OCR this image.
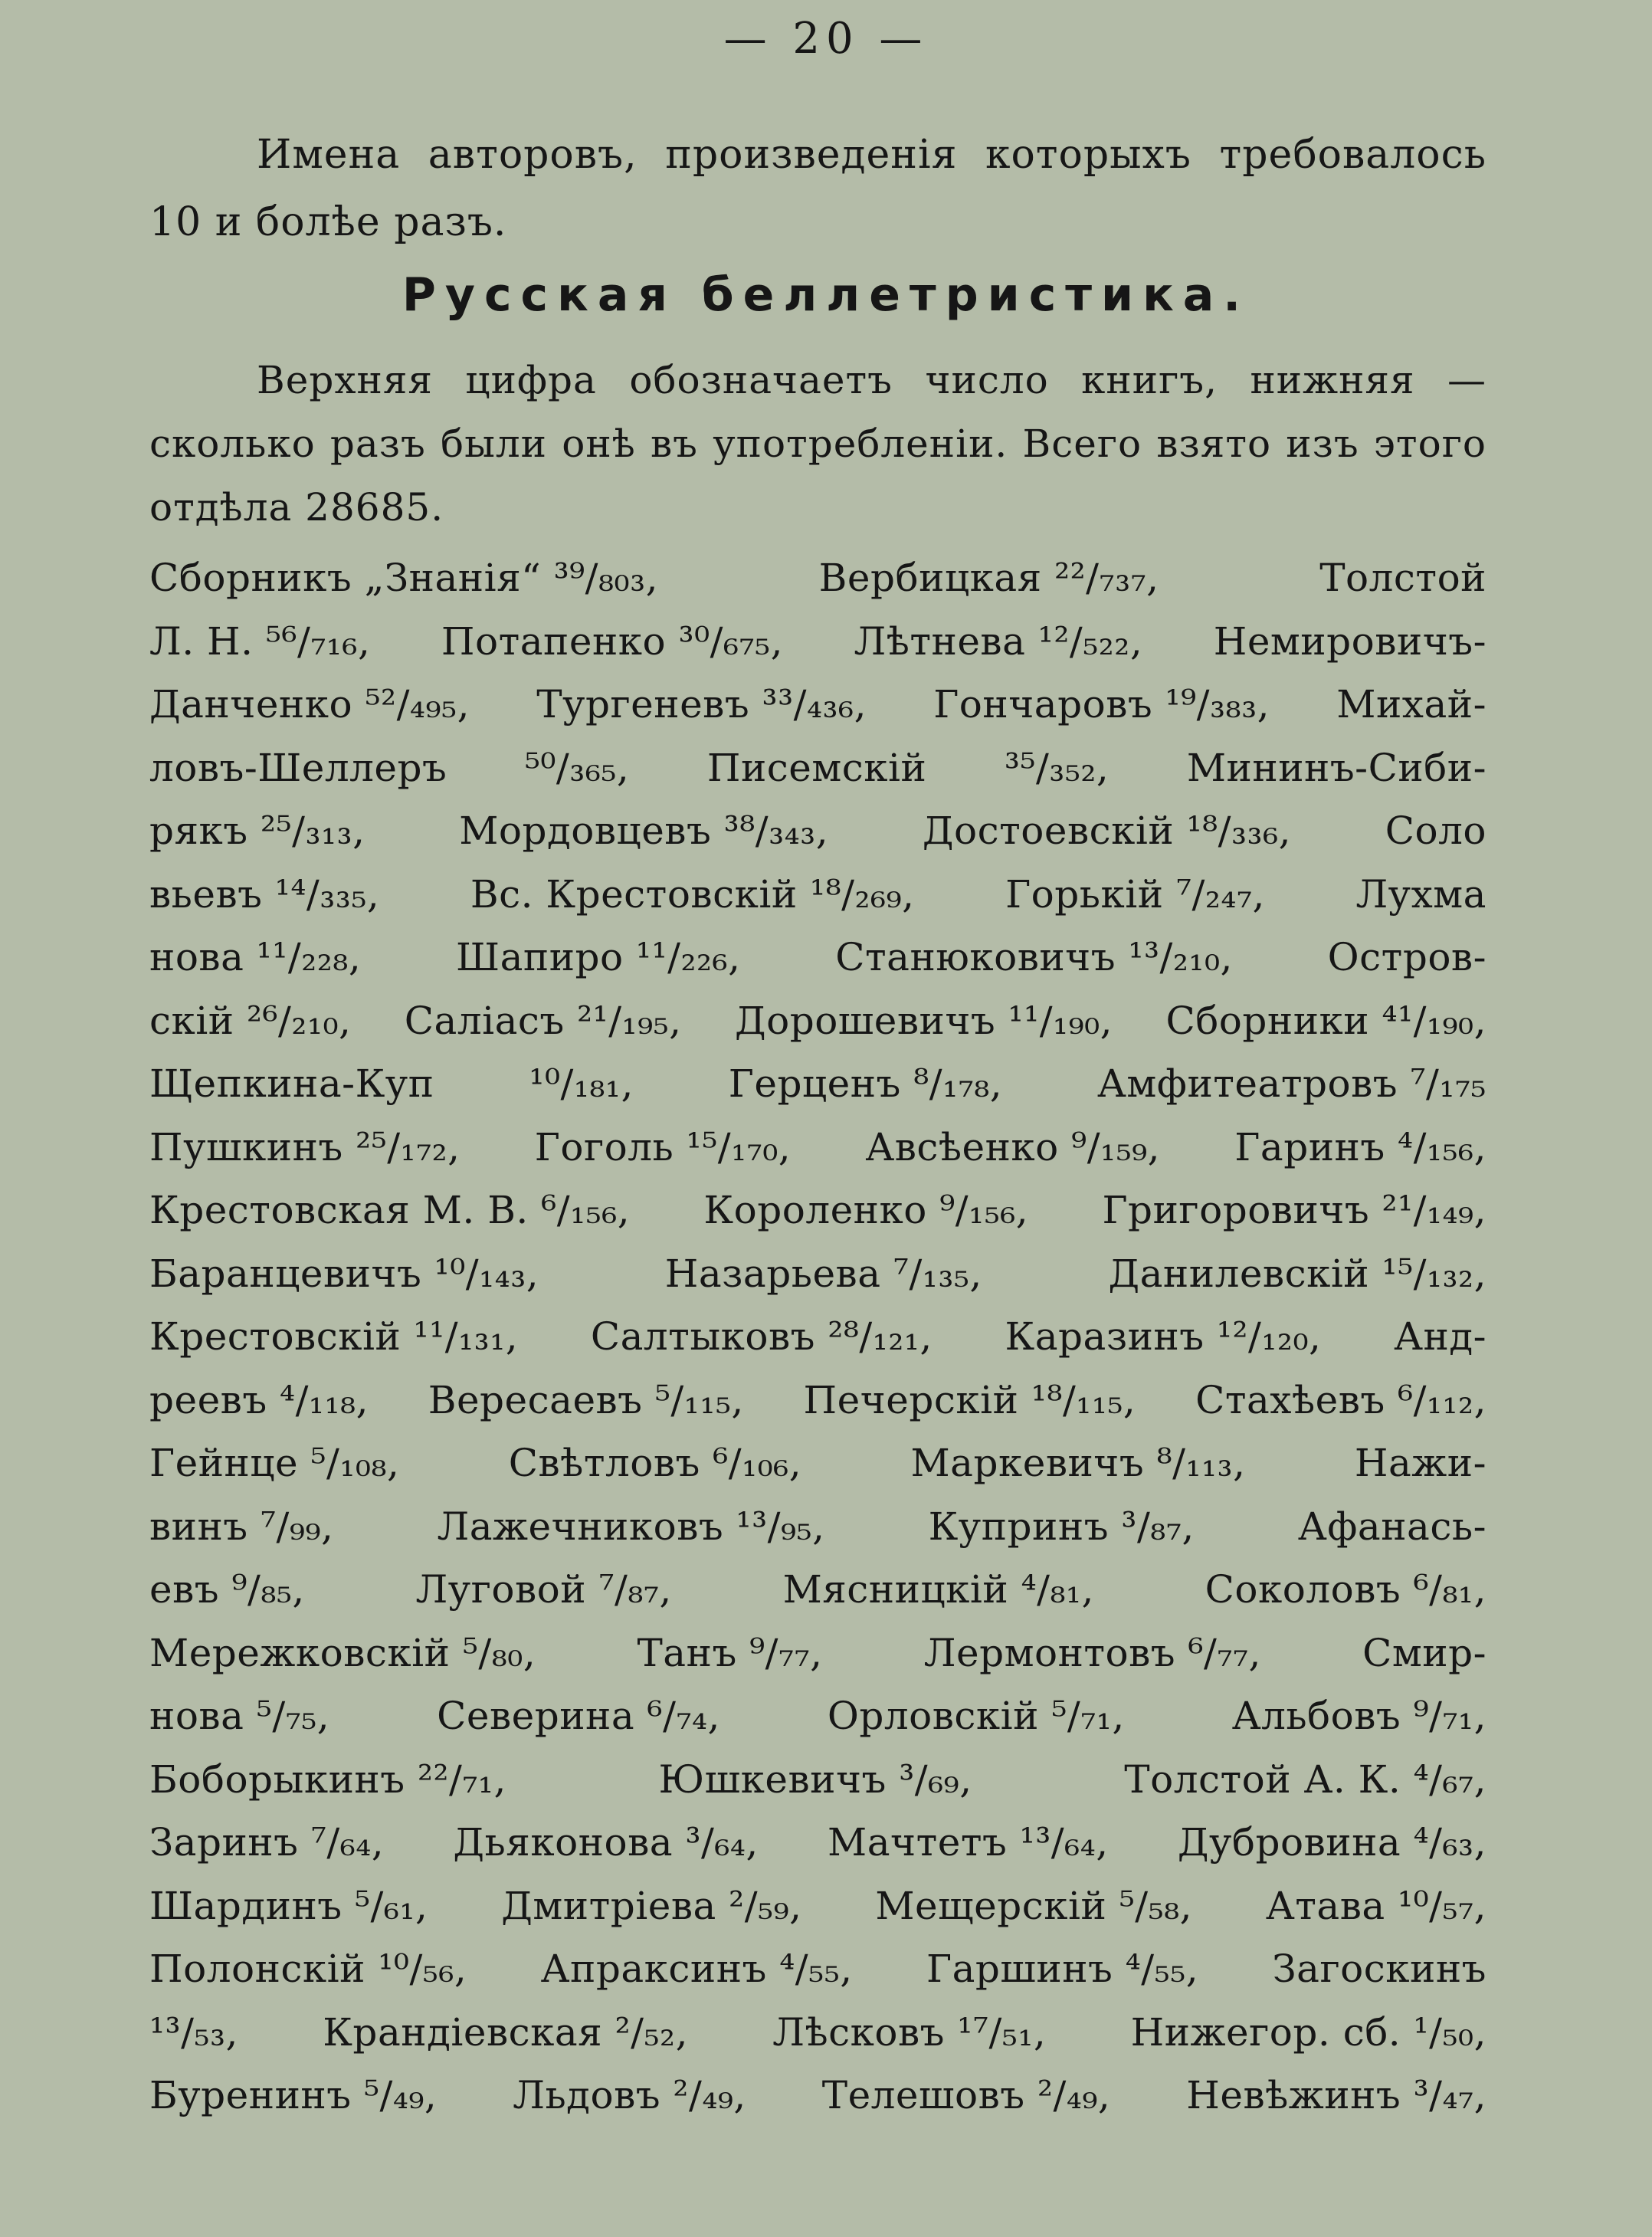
— 20 —

Имена авторовъ, произведенія которыхъ требовалось 10 и болѣе разъ.

Русская беллетристика.

Верхняя цифра обозначаетъ число книгъ, нижняя — сколько разъ были онѣ въ употребленіи. Всего взято изъ этого отдѣла 28685.

Сборникъ „Знанія“ ³⁹/₈₀₃,	Вербицкая ²²/₇₃₇,	Толстой
Л. Н. ⁵⁶/₇₁₆, Потапенко ³⁰/₆₇₅, Лѣтнева ¹²/₅₂₂, Немировичъ-
Данченко ⁵²/₄₉₅, Тургеневъ ³³/₄₃₆, Гончаровъ ¹⁹/₃₈₃, Михай-
ловъ-Шеллеръ ⁵⁰/₃₆₅, Писемскій ³⁵/₃₅₂, Мининъ-Сиби-
рякъ ²⁵/₃₁₃, Мордовцевъ ³⁸/₃₄₃, Достоевскій ¹⁸/₃₃₆, Соло
вьевъ ¹⁴/₃₃₅, Вс. Крестовскій ¹⁸/₂₆₉, Горькій ⁷/₂₄₇, Лухма
нова ¹¹/₂₂₈, Шапиро ¹¹/₂₂₆, Станюковичъ ¹³/₂₁₀, Остров-
скій ²⁶/₂₁₀, Саліасъ ²¹/₁₉₅, Дорошевичъ ¹¹/₁₉₀, Сборники ⁴¹/₁₉₀,
Щепкина-Куп ¹⁰/₁₈₁, Герценъ ⁸/₁₇₈, Амфитеатровъ ⁷/₁₇₅
Пушкинъ ²⁵/₁₇₂, Гоголь ¹⁵/₁₇₀, Авсѣенко ⁹/₁₅₉, Гаринъ ⁴/₁₅₆,
Крестовская М. В. ⁶/₁₅₆, Короленко ⁹/₁₅₆, Григоровичъ ²¹/₁₄₉,
Баранцевичъ ¹⁰/₁₄₃,	Назарьева ⁷/₁₃₅,	Данилевскій ¹⁵/₁₃₂,
Крестовскій ¹¹/₁₃₁, Салтыковъ ²⁸/₁₂₁, Каразинъ ¹²/₁₂₀, Анд-
реевъ ⁴/₁₁₈, Вересаевъ ⁵/₁₁₅, Печерскій ¹⁸/₁₁₅, Стахѣевъ ⁶/₁₁₂,
Гейнце ⁵/₁₀₈,	Свѣтловъ ⁶/₁₀₆,	Маркевичъ ⁸/₁₁₃,	Нажи-
винъ ⁷/₉₉,	Лажечниковъ ¹³/₉₅,	Купринъ ³/₈₇,	Афанась-
евъ ⁹/₈₅,	Луговой ⁷/₈₇,	Мясницкій ⁴/₈₁,	Соколовъ ⁶/₈₁,
Мережковскій ⁵/₈₀,	Танъ ⁹/₇₇,	Лермонтовъ ⁶/₇₇,	Смир-
нова ⁵/₇₅,	Северина ⁶/₇₄,	Орловскій ⁵/₇₁,	Альбовъ ⁹/₇₁,
Боборыкинъ ²²/₇₁,	Юшкевичъ ³/₆₉,	Толстой А. К. ⁴/₆₇,
Заринъ ⁷/₆₄, Дьяконова ³/₆₄, Мачтетъ ¹³/₆₄, Дубровина ⁴/₆₃,
Шардинъ ⁵/₆₁, Дмитріева ²/₅₉, Мещерскій ⁵/₅₈, Атава ¹⁰/₅₇,
Полонскій ¹⁰/₅₆, Апраксинъ ⁴/₅₅, Гаршинъ ⁴/₅₅, Загоскинъ
¹³/₅₃, Крандіевская ²/₅₂, Лѣсковъ ¹⁷/₅₁, Нижегор. сб. ¹/₅₀,
Буренинъ ⁵/₄₉, Льдовъ ²/₄₉, Телешовъ ²/₄₉, Невѣжинъ ³/₄₇,
